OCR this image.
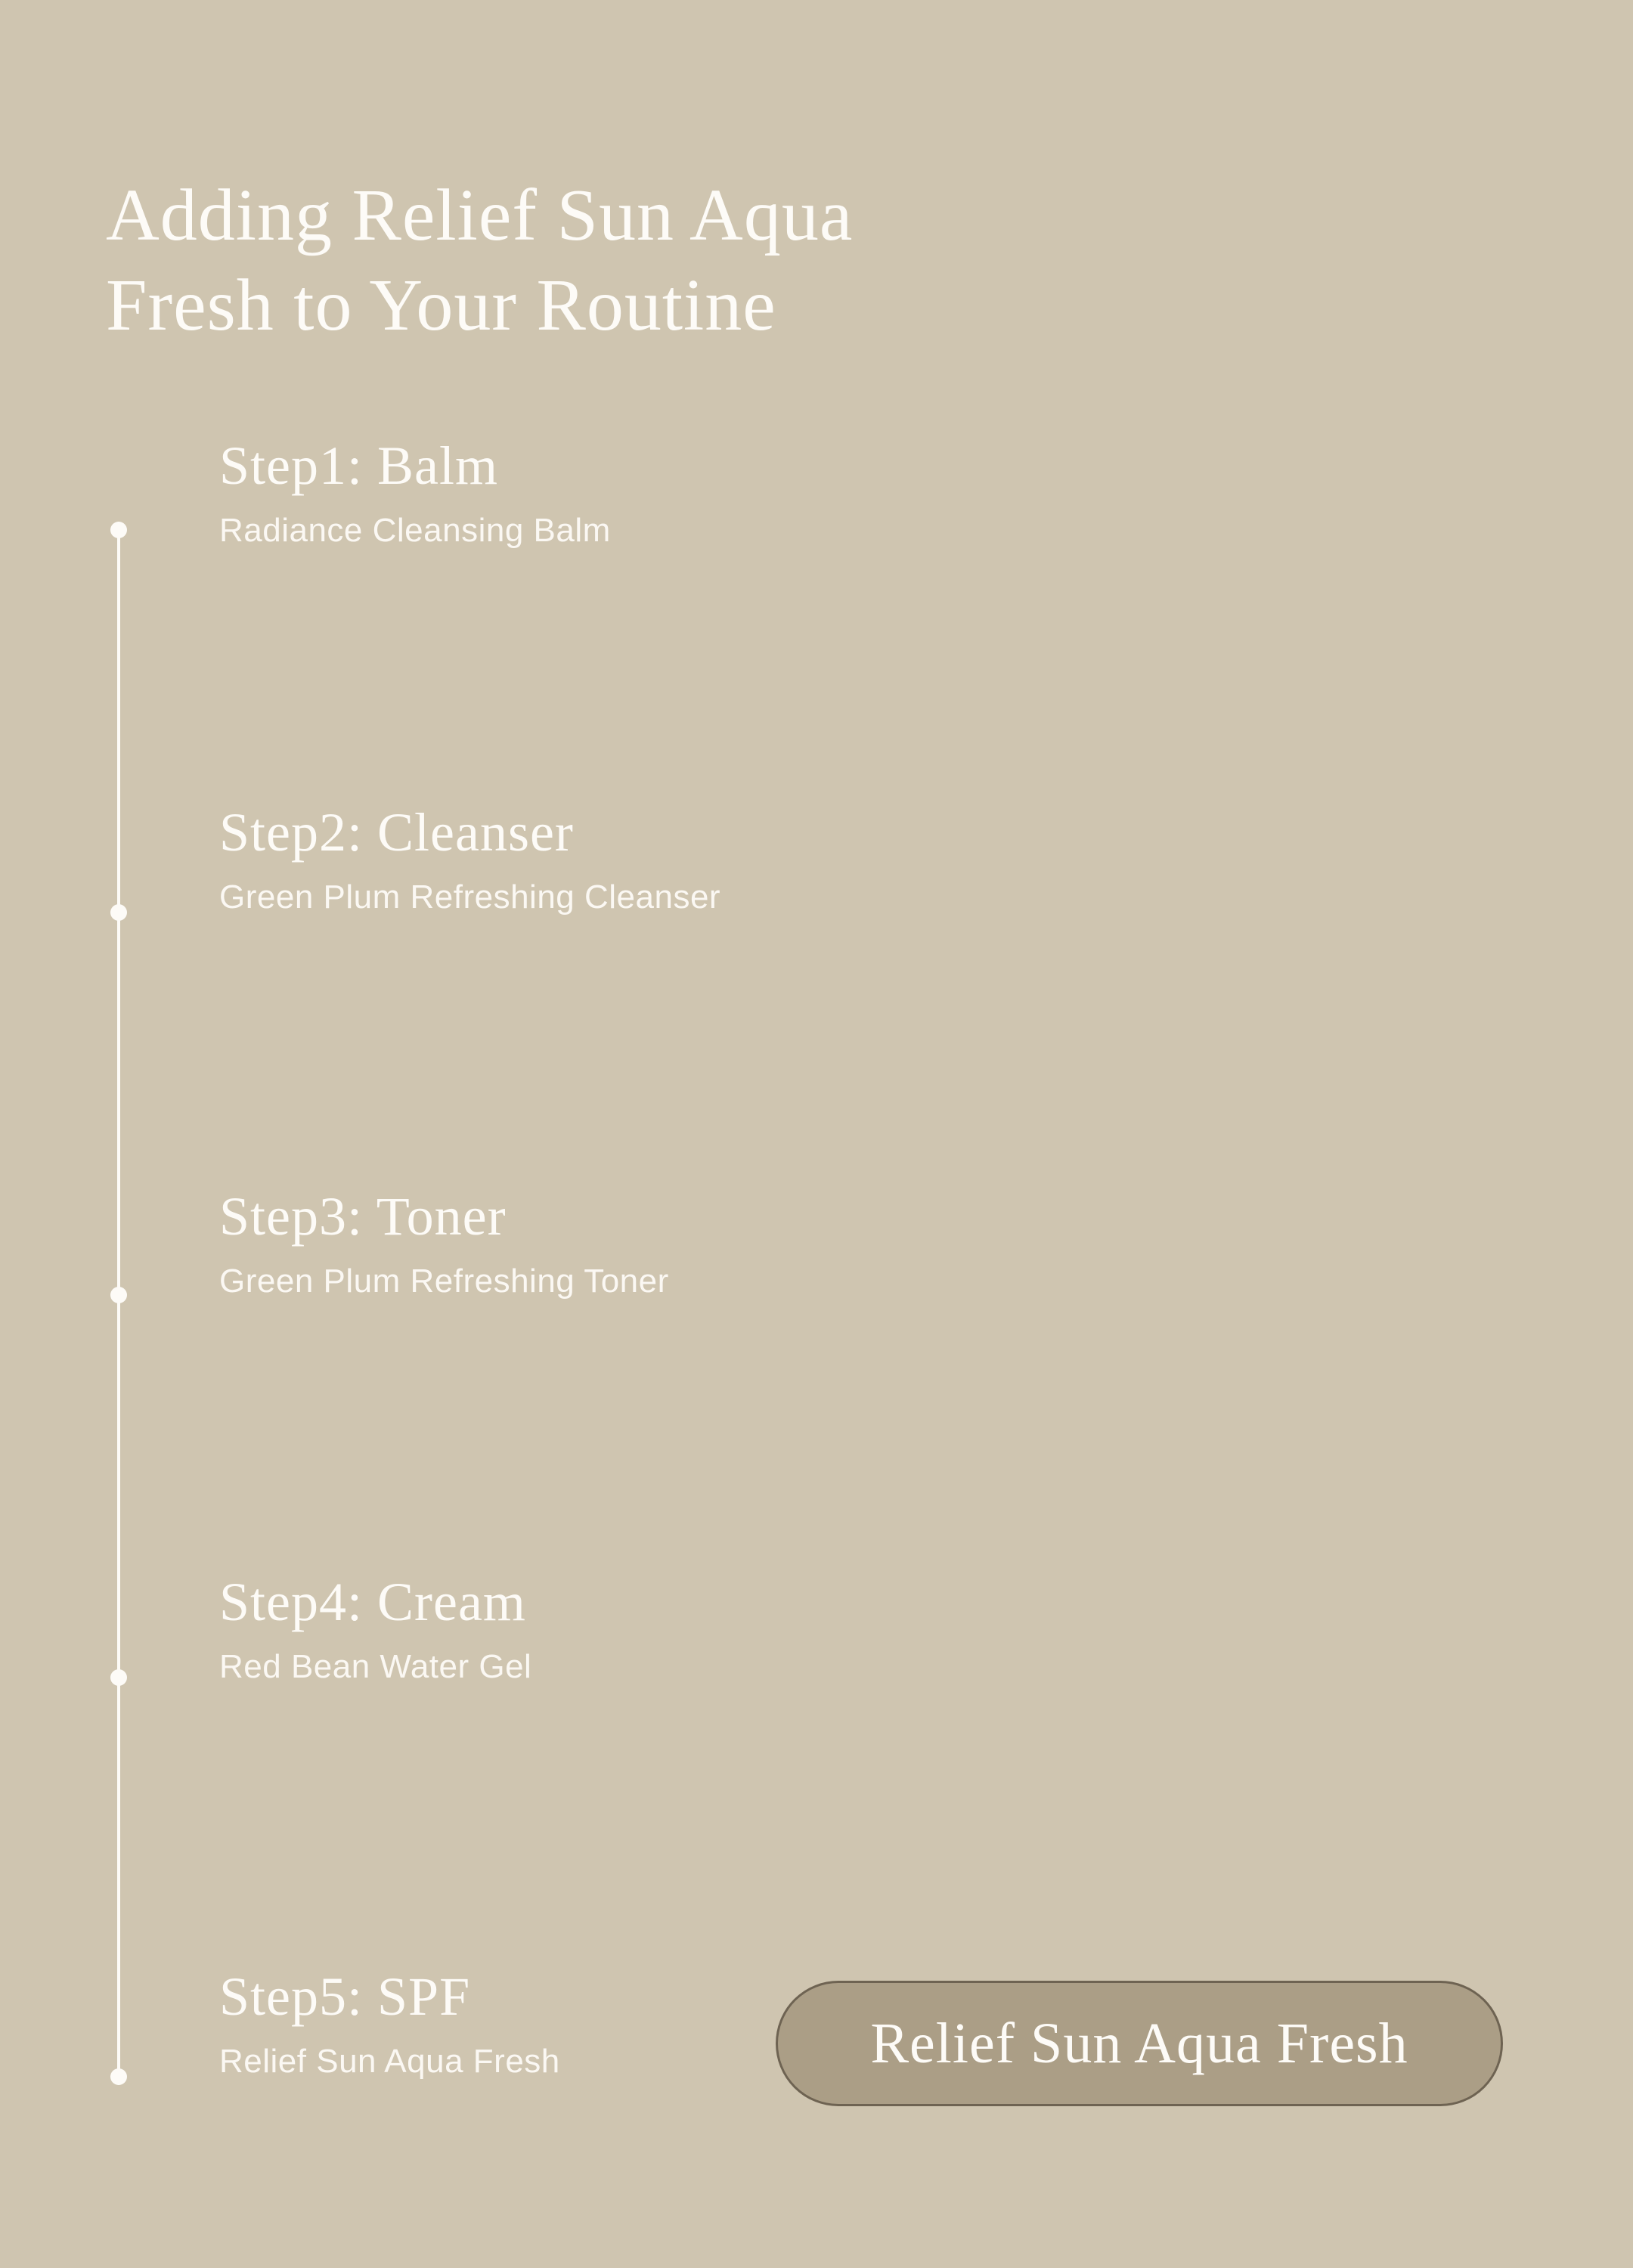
Adding Relief Sun Aqua
Fresh to Your Routine
Step1: Balm
Radiance Cleansing Balm
Step2: Cleanser
Green Plum Refreshing Cleanser
Step3: Toner
Green Plum Refreshing Toner
Step4: Cream
Red Bean Water Gel
Step5: SPF
Relief Sun Aqua Fresh	Relief Sun Aqua Fresh
